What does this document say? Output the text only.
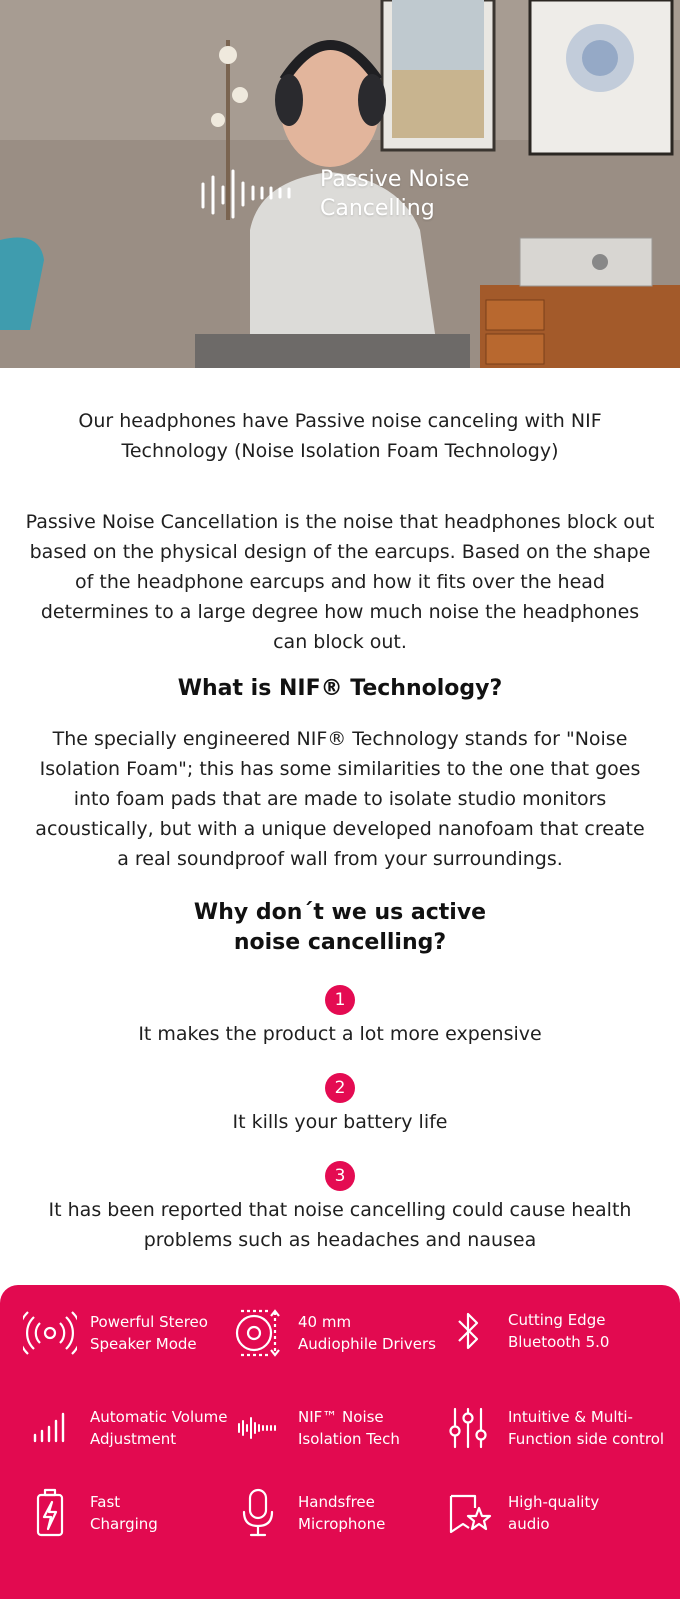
Passive Noise
Cancelling

Our headphones have Passive noise canceling with NIF Technology (Noise Isolation Foam Technology)

Passive Noise Cancellation is the noise that headphones block out based on the physical design of the earcups. Based on the shape of the headphone earcups and how it fits over the head determines to a large degree how much noise the headphones can block out.

What is NIF® Technology?

The specially engineered NIF® Technology stands for "Noise Isolation Foam"; this has some similarities to the one that goes into foam pads that are made to isolate studio monitors acoustically, but with a unique developed nanofoam that create a real soundproof wall from your surroundings.

Why don´t we us active noise cancelling?
1
It makes the product a lot more expensive
2
It kills your battery life
3
It has been reported that noise cancelling could cause health problems such as headaches and nausea
Powerful Stereo
Speaker Mode
40 mm
Audiophile Drivers
Cutting Edge
Bluetooth 5.0
Automatic Volume
Adjustment
NIF™ Noise
Isolation Tech
Intuitive & Multi-
Function side control
Fast
Charging
Handsfree
Microphone
High-quality
audio
